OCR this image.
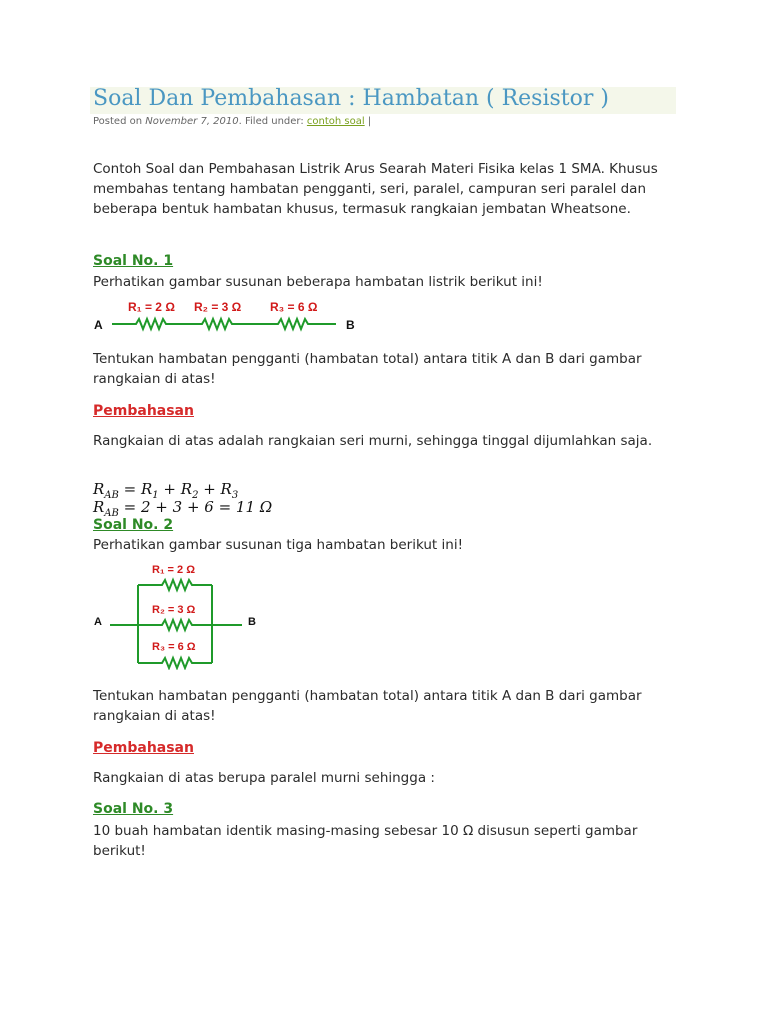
Soal Dan Pembahasan : Hambatan ( Resistor )
Posted on November 7, 2010. Filed under: contoh soal |

Contoh Soal dan Pembahasan Listrik Arus Searah Materi Fisika kelas 1 SMA. Khusus membahas tentang hambatan pengganti, seri, paralel, campuran seri paralel dan beberapa bentuk hambatan khusus, termasuk rangkaian jembatan Wheatsone.

Soal No. 1

Perhatikan gambar susunan beberapa hambatan listrik berikut ini!

A	B
R₁ = 2 Ω R₂ = 3 Ω R₃ = 6 Ω

Tentukan hambatan pengganti (hambatan total) antara titik A dan B dari gambar rangkaian di atas!

Pembahasan

Rangkaian di atas adalah rangkaian seri murni, sehingga tinggal dijumlahkan saja.

$R_{AB} = R_1 + R_2 + R_3$
$R_{AB} = 2 + 3 + 6 = 11$ Ω
Soal No. 2

Perhatikan gambar susunan tiga hambatan berikut ini!

A	B
R₁ = 2 Ω
R₂ = 3 Ω
R₃ = 6 Ω

Tentukan hambatan pengganti (hambatan total) antara titik A dan B dari gambar rangkaian di atas!

Pembahasan

Rangkaian di atas berupa paralel murni sehingga :

Soal No. 3

10 buah hambatan identik masing-masing sebesar 10 Ω disusun seperti gambar berikut!
